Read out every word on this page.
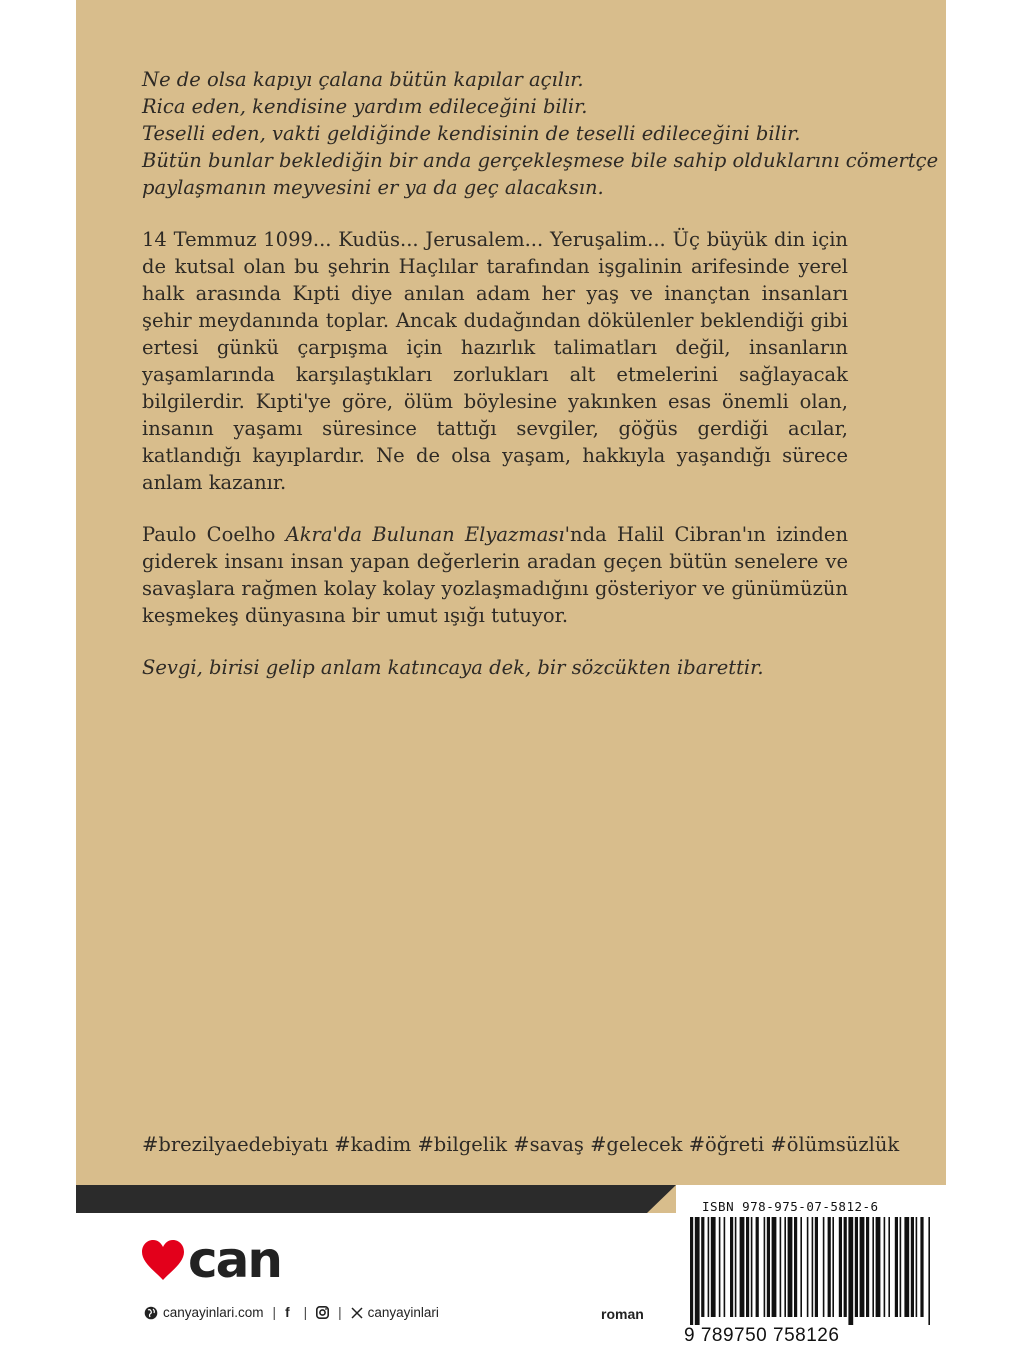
Ne de olsa kapıyı çalana bütün kapılar açılır.
Rica eden, kendisine yardım edileceğini bilir.
Teselli eden, vakti geldiğinde kendisinin de teselli edileceğini bilir.
Bütün bunlar beklediğin bir anda gerçekleşmese bile sahip olduklarını cömertçe
paylaşmanın meyvesini er ya da geç alacaksın.

14 Temmuz 1099... Kudüs... Jerusalem... Yeruşalim... Üç büyük din için de kutsal olan bu şehrin Haçlılar tarafından işgalinin arifesinde yerel halk arasında Kıpti diye anılan adam her yaş ve inançtan insanları şehir meydanında toplar. Ancak dudağından dökülenler beklendiği gibi ertesi günkü çarpışma için hazırlık talimatları değil, insanların yaşamlarında karşılaştıkları zorlukları alt etmelerini sağlayacak bilgilerdir. Kıpti'ye göre, ölüm böylesine yakınken esas önemli olan, insanın yaşamı süresince tattığı sevgiler, göğüs gerdiği acılar, katlandığı kayıplardır. Ne de olsa yaşam, hakkıyla yaşandığı sürece anlam kazanır.

Paulo Coelho Akra'da Bulunan Elyazması'nda Halil Cibran'ın izinden giderek insanı insan yapan değerlerin aradan geçen bütün senelere ve savaşlara rağmen kolay kolay yozlaşmadığını gösteriyor ve günümüzün keşmekeş dünyasına bir umut ışığı tutuyor.

Sevgi, birisi gelip anlam katıncaya dek, bir sözcükten ibarettir.

#brezilyaedebiyatı #kadim #bilgelik #savaş #gelecek #öğreti #ölümsüzlük
can
canyayinlari.com | f | | canyayinlari	roman
ISBN 978-975-07-5812-6
9 789750 758126
